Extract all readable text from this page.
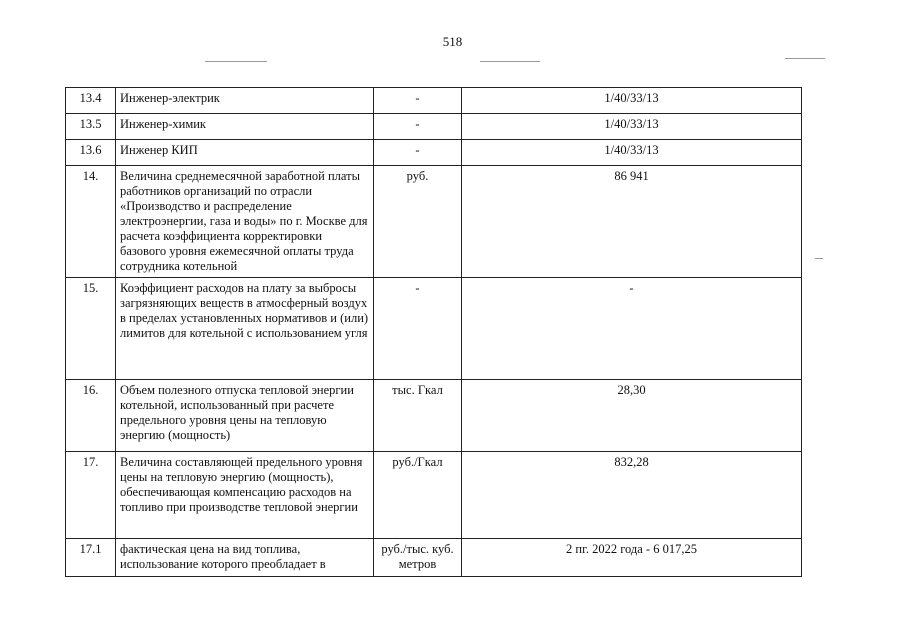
518
13.4	Инженер-электрик	-	1/40/33/13
13.5	Инженер-химик	-	1/40/33/13
13.6	Инженер КИП	-	1/40/33/13
14.	Величина среднемесячной заработной платы работников организаций по отрасли «Производство и распределение электроэнергии, газа и воды» по г. Москве для расчета коэффициента корректировки базового уровня ежемесячной оплаты труда сотрудника котельной	руб.	86 941
15.	Коэффициент расходов на плату за выбросы загрязняющих веществ в атмосферный воздух в пределах установленных нормативов и (или) лимитов для котельной с использованием угля	-	-
16.	Объем полезного отпуска тепловой энергии котельной, использованный при расчете предельного уровня цены на тепловую энергию (мощность)	тыс. Гкал	28,30
17.	Величина составляющей предельного уровня цены на тепловую энергию (мощность), обеспечивающая компенсацию расходов на топливо при производстве тепловой энергии	руб./Гкал	832,28
17.1	фактическая цена на вид топлива, использование которого преобладает в	руб./тыс. куб. метров	2 пг. 2022 года - 6 017,25
